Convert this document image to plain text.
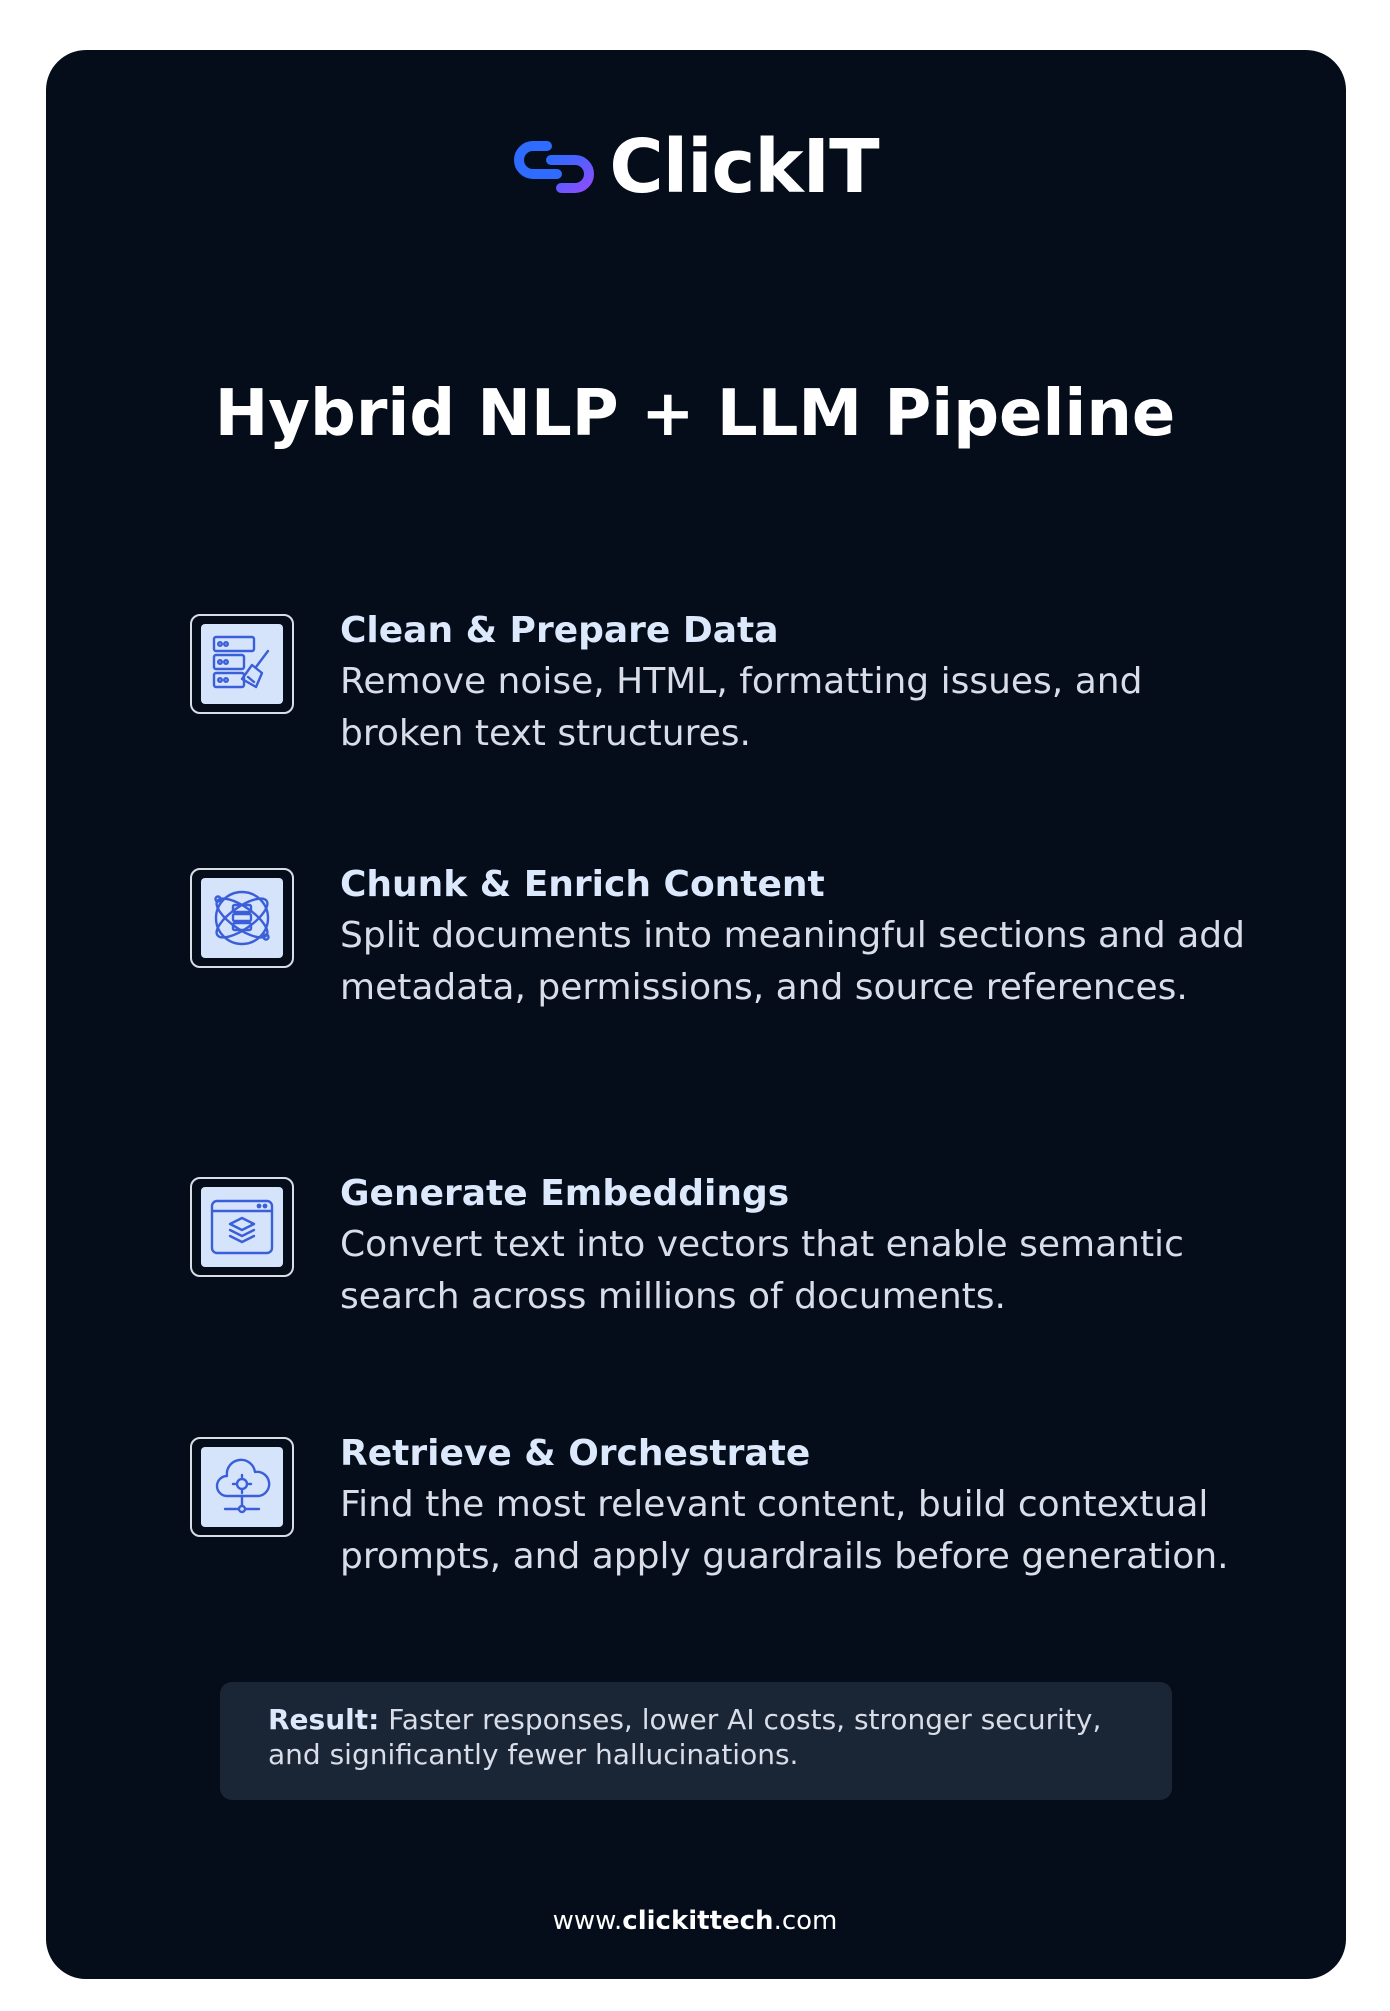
ClickIT
Hybrid NLP + LLM Pipeline

Clean & Prepare Data

Remove noise, HTML, formatting issues, and broken text structures.

Chunk & Enrich Content

Split documents into meaningful sections and add metadata, permissions, and source references.

Generate Embeddings

Convert text into vectors that enable semantic search across millions of documents.

Retrieve & Orchestrate

Find the most relevant content, build contextual prompts, and apply guardrails before generation.

Result: Faster responses, lower AI costs, stronger security, and significantly fewer hallucinations.
www.clickittech.com
